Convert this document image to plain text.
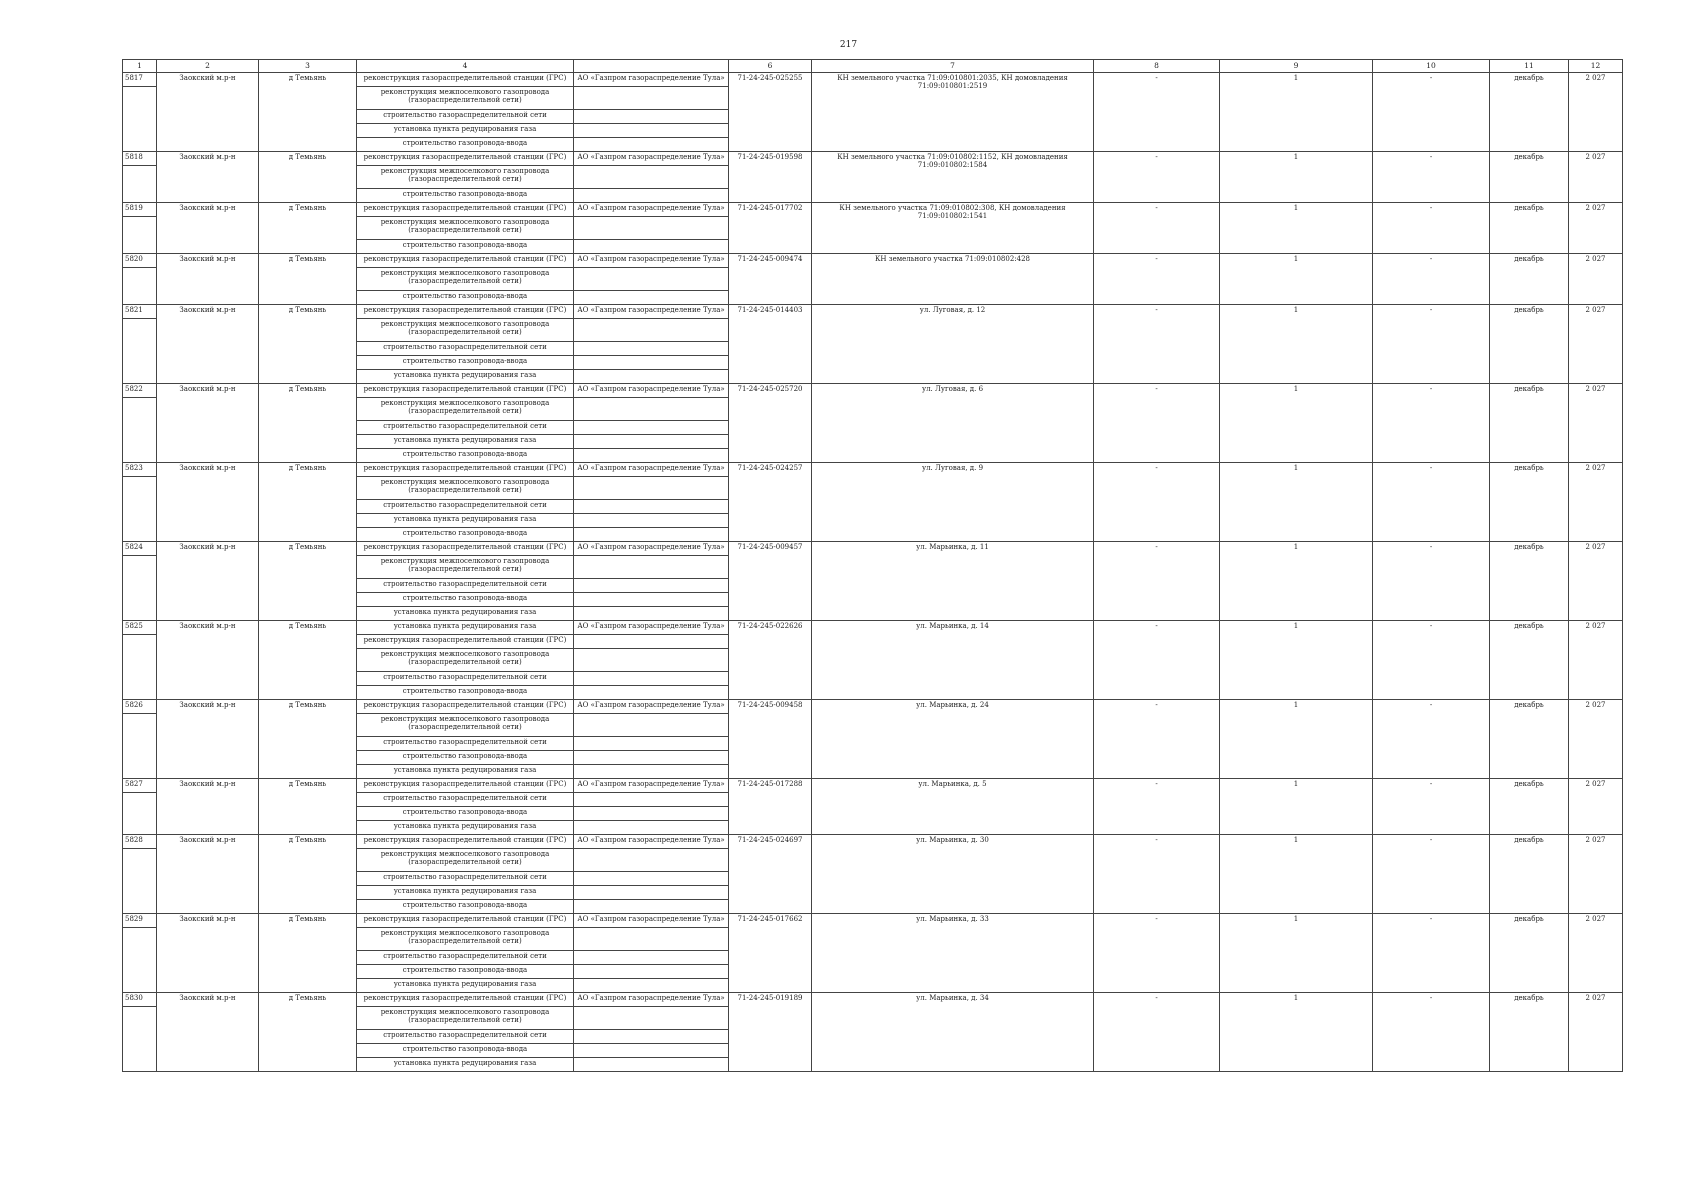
217
1	2	3	4		6	7	8	9	10	11	12
5817	Заокский м.р-н	д Темьянь	реконструкция газораспределительной станции (ГРС)	АО «Газпром газораспределение Тула»	71-24-245-025255	КН земельного участка 71:09:010801:2035, КН домовладения 71:09:010801:2519	-	1	-	декабрь	2 027
			реконструкция межпоселкового газопровода (газораспределительной сети)								
			строительство газораспределительной сети								
			установка пункта редуцирования газа								
			строительство газопровода-ввода								
5818	Заокский м.р-н	д Темьянь	реконструкция газораспределительной станции (ГРС)	АО «Газпром газораспределение Тула»	71-24-245-019598	КН земельного участка 71:09:010802:1152, КН домовладения 71:09:010802:1584	-	1	-	декабрь	2 027
			реконструкция межпоселкового газопровода (газораспределительной сети)								
			строительство газопровода-ввода								
5819	Заокский м.р-н	д Темьянь	реконструкция газораспределительной станции (ГРС)	АО «Газпром газораспределение Тула»	71-24-245-017702	КН земельного участка 71:09:010802:308, КН домовладения 71:09:010802:1541	-	1	-	декабрь	2 027
			реконструкция межпоселкового газопровода (газораспределительной сети)								
			строительство газопровода-ввода								
5820	Заокский м.р-н	д Темьянь	реконструкция газораспределительной станции (ГРС)	АО «Газпром газораспределение Тула»	71-24-245-009474	КН земельного участка 71:09:010802:428	-	1	-	декабрь	2 027
			реконструкция межпоселкового газопровода (газораспределительной сети)								
			строительство газопровода-ввода								
5821	Заокский м.р-н	д Темьянь	реконструкция газораспределительной станции (ГРС)	АО «Газпром газораспределение Тула»	71-24-245-014403	ул. Луговая, д. 12	-	1	-	декабрь	2 027
			реконструкция межпоселкового газопровода (газораспределительной сети)								
			строительство газораспределительной сети								
			строительство газопровода-ввода								
			установка пункта редуцирования газа								
5822	Заокский м.р-н	д Темьянь	реконструкция газораспределительной станции (ГРС)	АО «Газпром газораспределение Тула»	71-24-245-025720	ул. Луговая, д. 6	-	1	-	декабрь	2 027
			реконструкция межпоселкового газопровода (газораспределительной сети)								
			строительство газораспределительной сети								
			установка пункта редуцирования газа								
			строительство газопровода-ввода								
5823	Заокский м.р-н	д Темьянь	реконструкция газораспределительной станции (ГРС)	АО «Газпром газораспределение Тула»	71-24-245-024257	ул. Луговая, д. 9	-	1	-	декабрь	2 027
			реконструкция межпоселкового газопровода (газораспределительной сети)								
			строительство газораспределительной сети								
			установка пункта редуцирования газа								
			строительство газопровода-ввода								
5824	Заокский м.р-н	д Темьянь	реконструкция газораспределительной станции (ГРС)	АО «Газпром газораспределение Тула»	71-24-245-009457	ул. Марьинка, д. 11	-	1	-	декабрь	2 027
			реконструкция межпоселкового газопровода (газораспределительной сети)								
			строительство газораспределительной сети								
			строительство газопровода-ввода								
			установка пункта редуцирования газа								
5825	Заокский м.р-н	д Темьянь	установка пункта редуцирования газа	АО «Газпром газораспределение Тула»	71-24-245-022626	ул. Марьинка, д. 14	-	1	-	декабрь	2 027
			реконструкция газораспределительной станции (ГРС)								
			реконструкция межпоселкового газопровода (газораспределительной сети)								
			строительство газораспределительной сети								
			строительство газопровода-ввода								
5826	Заокский м.р-н	д Темьянь	реконструкция газораспределительной станции (ГРС)	АО «Газпром газораспределение Тула»	71-24-245-009458	ул. Марьинка, д. 24	-	1	-	декабрь	2 027
			реконструкция межпоселкового газопровода (газораспределительной сети)								
			строительство газораспределительной сети								
			строительство газопровода-ввода								
			установка пункта редуцирования газа								
5827	Заокский м.р-н	д Темьянь	реконструкция газораспределительной станции (ГРС)	АО «Газпром газораспределение Тула»	71-24-245-017288	ул. Марьинка, д. 5	-	1	-	декабрь	2 027
			строительство газораспределительной сети								
			строительство газопровода-ввода								
			установка пункта редуцирования газа								
5828	Заокский м.р-н	д Темьянь	реконструкция газораспределительной станции (ГРС)	АО «Газпром газораспределение Тула»	71-24-245-024697	ул. Марьинка, д. 30	-	1	-	декабрь	2 027
			реконструкция межпоселкового газопровода (газораспределительной сети)								
			строительство газораспределительной сети								
			установка пункта редуцирования газа								
			строительство газопровода-ввода								
5829	Заокский м.р-н	д Темьянь	реконструкция газораспределительной станции (ГРС)	АО «Газпром газораспределение Тула»	71-24-245-017662	ул. Марьинка, д. 33	-	1	-	декабрь	2 027
			реконструкция межпоселкового газопровода (газораспределительной сети)								
			строительство газораспределительной сети								
			строительство газопровода-ввода								
			установка пункта редуцирования газа								
5830	Заокский м.р-н	д Темьянь	реконструкция газораспределительной станции (ГРС)	АО «Газпром газораспределение Тула»	71-24-245-019189	ул. Марьинка, д. 34	-	1	-	декабрь	2 027
			реконструкция межпоселкового газопровода (газораспределительной сети)								
			строительство газораспределительной сети								
			строительство газопровода-ввода								
			установка пункта редуцирования газа								
